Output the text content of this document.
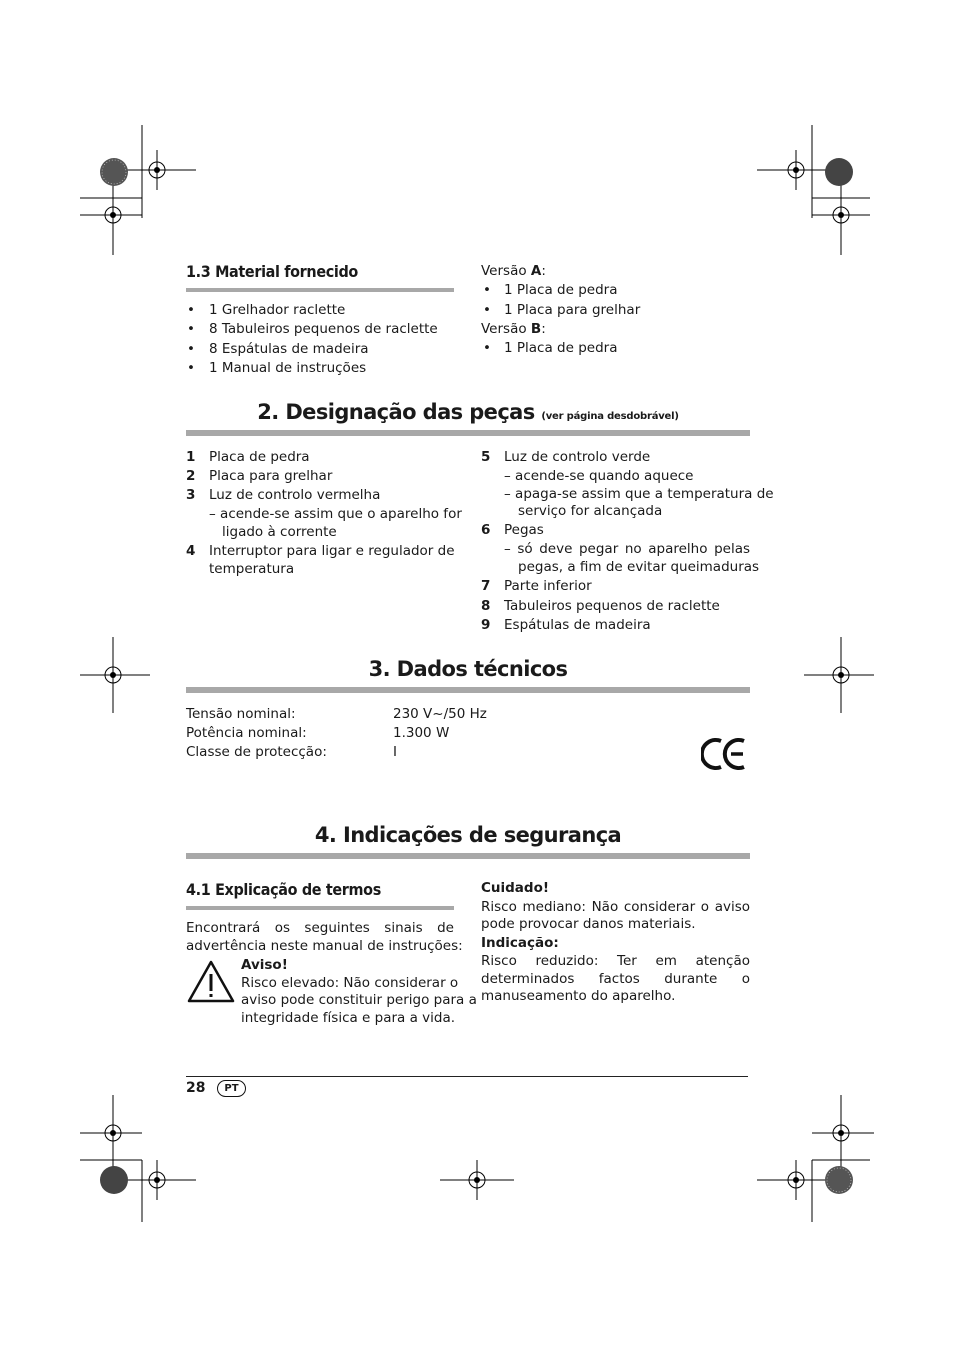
1.3 Material fornecido
• 1 Grelhador raclette
• 8 Tabuleiros pequenos de raclette
• 8 Espátulas de madeira
• 1 Manual de instruções
Versão A:
• 1 Placa de pedra
• 1 Placa para grelhar
Versão B:
• 1 Placa de pedra
2. Designação das peças (ver página desdobrável)
1 Placa de pedra
2 Placa para grelhar
3 Luz de controlo vermelha
– acende-se assim que o aparelho for
ligado à corrente
4 Interruptor para ligar e regulador de
temperatura
5 Luz de controlo verde
– acende-se quando aquece
– apaga-se assim que a temperatura de
serviço for alcançada
6 Pegas
– só deve pegar no aparelho pelas
pegas, a fim de evitar queimaduras
7 Parte inferior
8 Tabuleiros pequenos de raclette
9 Espátulas de madeira
3. Dados técnicos
Tensão nominal:	230 V~/50 Hz
Potência nominal:	1.300 W
Classe de protecção:	I
4. Indicações de segurança
4.1 Explicação de termos
Encontrará os seguintes sinais de
advertência neste manual de instruções:
Aviso!
Risco elevado: Não considerar o
aviso pode constituir perigo para a
integridade física e para a vida.
Cuidado!
Risco mediano: Não considerar o aviso
pode provocar danos materiais.
Indicação:
Risco reduzido: Ter em atenção
determinados factos durante o
manuseamento do aparelho.
28	PT
